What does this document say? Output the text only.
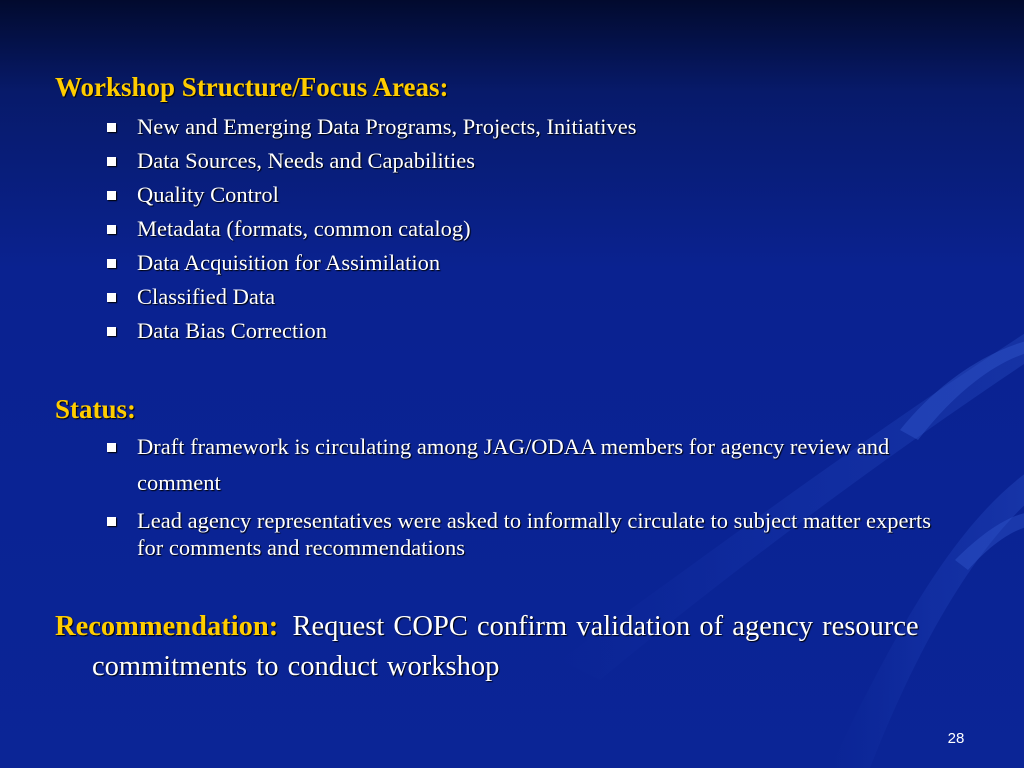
Workshop Structure/Focus Areas:
New and Emerging Data Programs, Projects, Initiatives
Data Sources, Needs and Capabilities
Quality Control
Metadata (formats, common catalog)
Data Acquisition for Assimilation
Classified Data
Data Bias Correction
Status:
Draft framework is circulating among JAG/ODAA members for agency review and comment
Lead agency representatives were asked to informally circulate to subject matter experts for comments and recommendations
Recommendation: Request COPC confirm validation of agency resource commitments to conduct workshop
28
